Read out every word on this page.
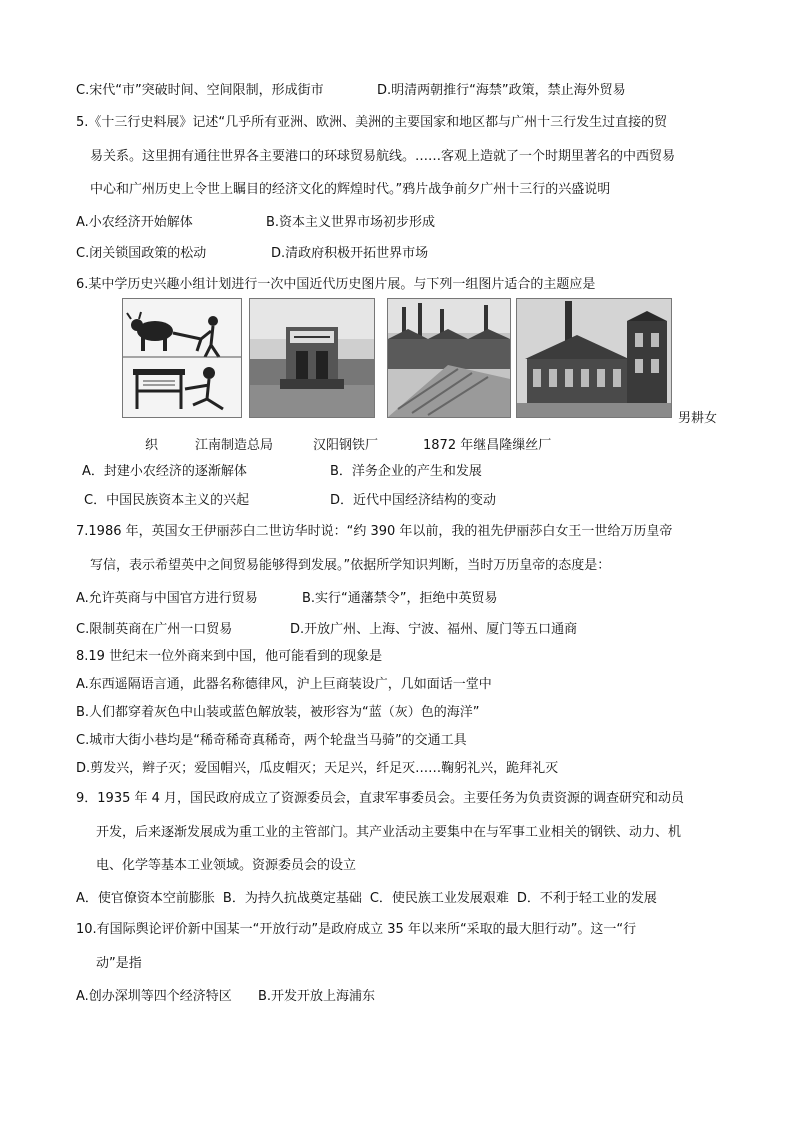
C.宋代“市”突破时间、空间限制，形成街市	D.明清两朝推行“海禁”政策，禁止海外贸易
5.《十三行史料展》记述“几乎所有亚洲、欧洲、美洲的主要国家和地区都与广州十三行发生过直接的贸
易关系。这里拥有通往世界各主要港口的环球贸易航线。……客观上造就了一个时期里著名的中西贸易
中心和广州历史上令世上瞩目的经济文化的辉煌时代。”鸦片战争前夕广州十三行的兴盛说明
A.小农经济开始解体	B.资本主义世界市场初步形成
C.闭关锁国政策的松动	D.清政府积极开拓世界市场
6.某中学历史兴趣小组计划进行一次中国近代历史图片展。与下列一组图片适合的主题应是
男耕女
织	江南制造总局	汉阳钢铁厂	1872 年继昌隆缫丝厂
A．封建小农经济的逐渐解体	B．洋务企业的产生和发展
C．中国民族资本主义的兴起	D．近代中国经济结构的变动
7.1986 年，英国女王伊丽莎白二世访华时说：“约 390 年以前，我的祖先伊丽莎白女王一世给万历皇帝
写信，表示希望英中之间贸易能够得到发展。”依据所学知识判断，当时万历皇帝的态度是：
A.允许英商与中国官方进行贸易	B.实行“通藩禁令”，拒绝中英贸易
C.限制英商在广州一口贸易	D.开放广州、上海、宁波、福州、厦门等五口通商
8.19 世纪末一位外商来到中国，他可能看到的现象是
A.东西遥隔语言通，此器名称德律风，沪上巨商装设广，几如面话一堂中
B.人们都穿着灰色中山装或蓝色解放装，被形容为“蓝（灰）色的海洋”
C.城市大街小巷均是“稀奇稀奇真稀奇，两个轮盘当马骑”的交通工具
D.剪发兴，辫子灭；爱国帽兴，瓜皮帽灭；天足兴，纤足灭……鞠躬礼兴，跪拜礼灭
9．1935 年 4 月，国民政府成立了资源委员会，直隶军事委员会。主要任务为负责资源的调查研究和动员
开发，后来逐渐发展成为重工业的主管部门。其产业活动主要集中在与军事工业相关的钢铁、动力、机
电、化学等基本工业领域。资源委员会的设立
A．使官僚资本空前膨胀 B．为持久抗战奠定基础 C．使民族工业发展艰难 D．不利于轻工业的发展
10.有国际舆论评价新中国某一“开放行动”是政府成立 35 年以来所“采取的最大胆行动”。这一“行
动”是指
A.创办深圳等四个经济特区 B.开发开放上海浦东
